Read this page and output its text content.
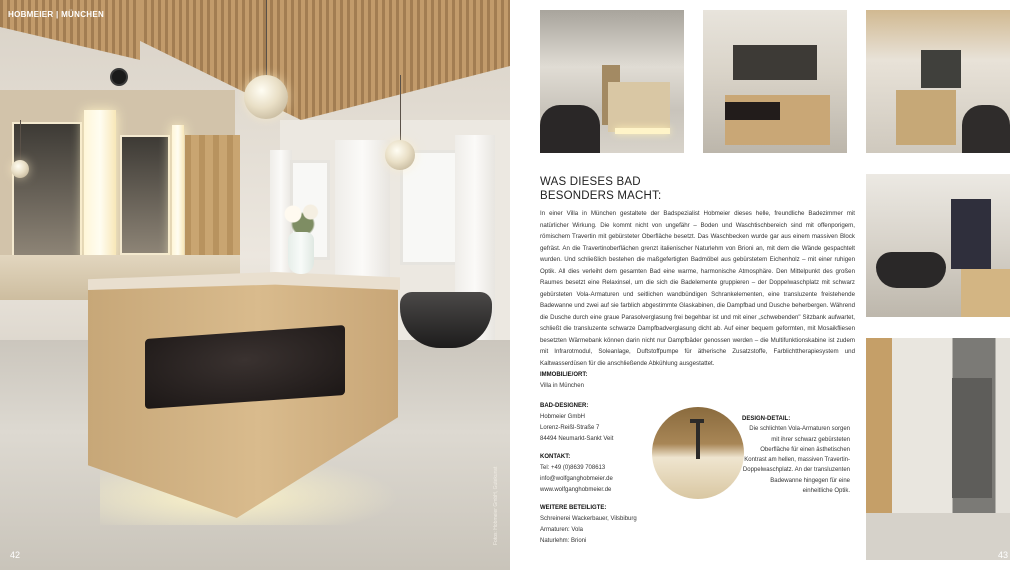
HOBMEIER | MÜNCHEN
Fotos: Hobmeier GmbH, Gutekunst
42
WAS DIESES BAD
BESONDERS MACHT:

In einer Villa in München gestaltete der Badspezialist Hobmeier dieses helle, freundliche Badezimmer mit natürlicher Wirkung. Die kommt nicht von ungefähr – Boden und Waschtischbereich sind mit offenporigem, römischem Travertin mit gebürsteter Oberfläche besetzt. Das Waschbecken wurde gar aus einem massiven Block gefräst. An die Travertinoberflächen grenzt italienischer Naturlehm von Brioni an, mit dem die Wände gespachtelt wurden. Und schließlich bestehen die maßgefertigten Badmöbel aus gebürstetem Eichenholz – mit einer ruhigen Optik. All dies verleiht dem gesamten Bad eine warme, harmonische Atmosphäre. Den Mittelpunkt des großen Raumes besetzt eine Relaxinsel, um die sich die Badelemente gruppieren – der Doppelwaschplatz mit schwarz gebürsteten Vola-Armaturen und seitlichen wandbündigen Schrankelementen, eine transluzente freistehende Badewanne und zwei auf sie farblich abgestimmte Glaskabinen, die Dampfbad und Dusche beherbergen. Während die Dusche durch eine graue Parasolverglasung frei begehbar ist und mit einer „schwebenden" Sitzbank aufwartet, schließt die transluzente schwarze Dampfbadverglasung dicht ab. Auf einer bequem geformten, mit Mosaikfliesen besetzten Wärmebank können darin nicht nur Dampfbäder genossen werden – die Multifunktionskabine ist zudem mit Infrarotmodul, Soleanlage, Duftstoffpumpe für ätherische Zusatzstoffe, Farblichttherapiesystem und Kaltwasserdüsen für die anschließende Abkühlung ausgestattet.

IMMOBILIE/ORT:
Villa in München
BAD-DESIGNER:
Hobmeier GmbH
Lorenz-Reißl-Straße 7
84494 Neumarkt-Sankt Veit
KONTAKT:
Tel: +49 (0)8639 708613
info@wolfganghobmeier.de
www.wolfganghobmeier.de
WEITERE BETEILIGTE:
Schreinerei Wackerbauer, Vilsbiburg
Armaturen: Vola
Naturlehm: Brioni
DESIGN-DETAIL:
Die schlichten Vola-Armaturen sorgen mit ihrer schwarz gebürsteten Oberfläche für einen ästhetischen Kontrast am hellen, massiven Travertin-Doppelwaschplatz. An der transluzenten Badewanne hingegen für eine einheitliche Optik.
43
